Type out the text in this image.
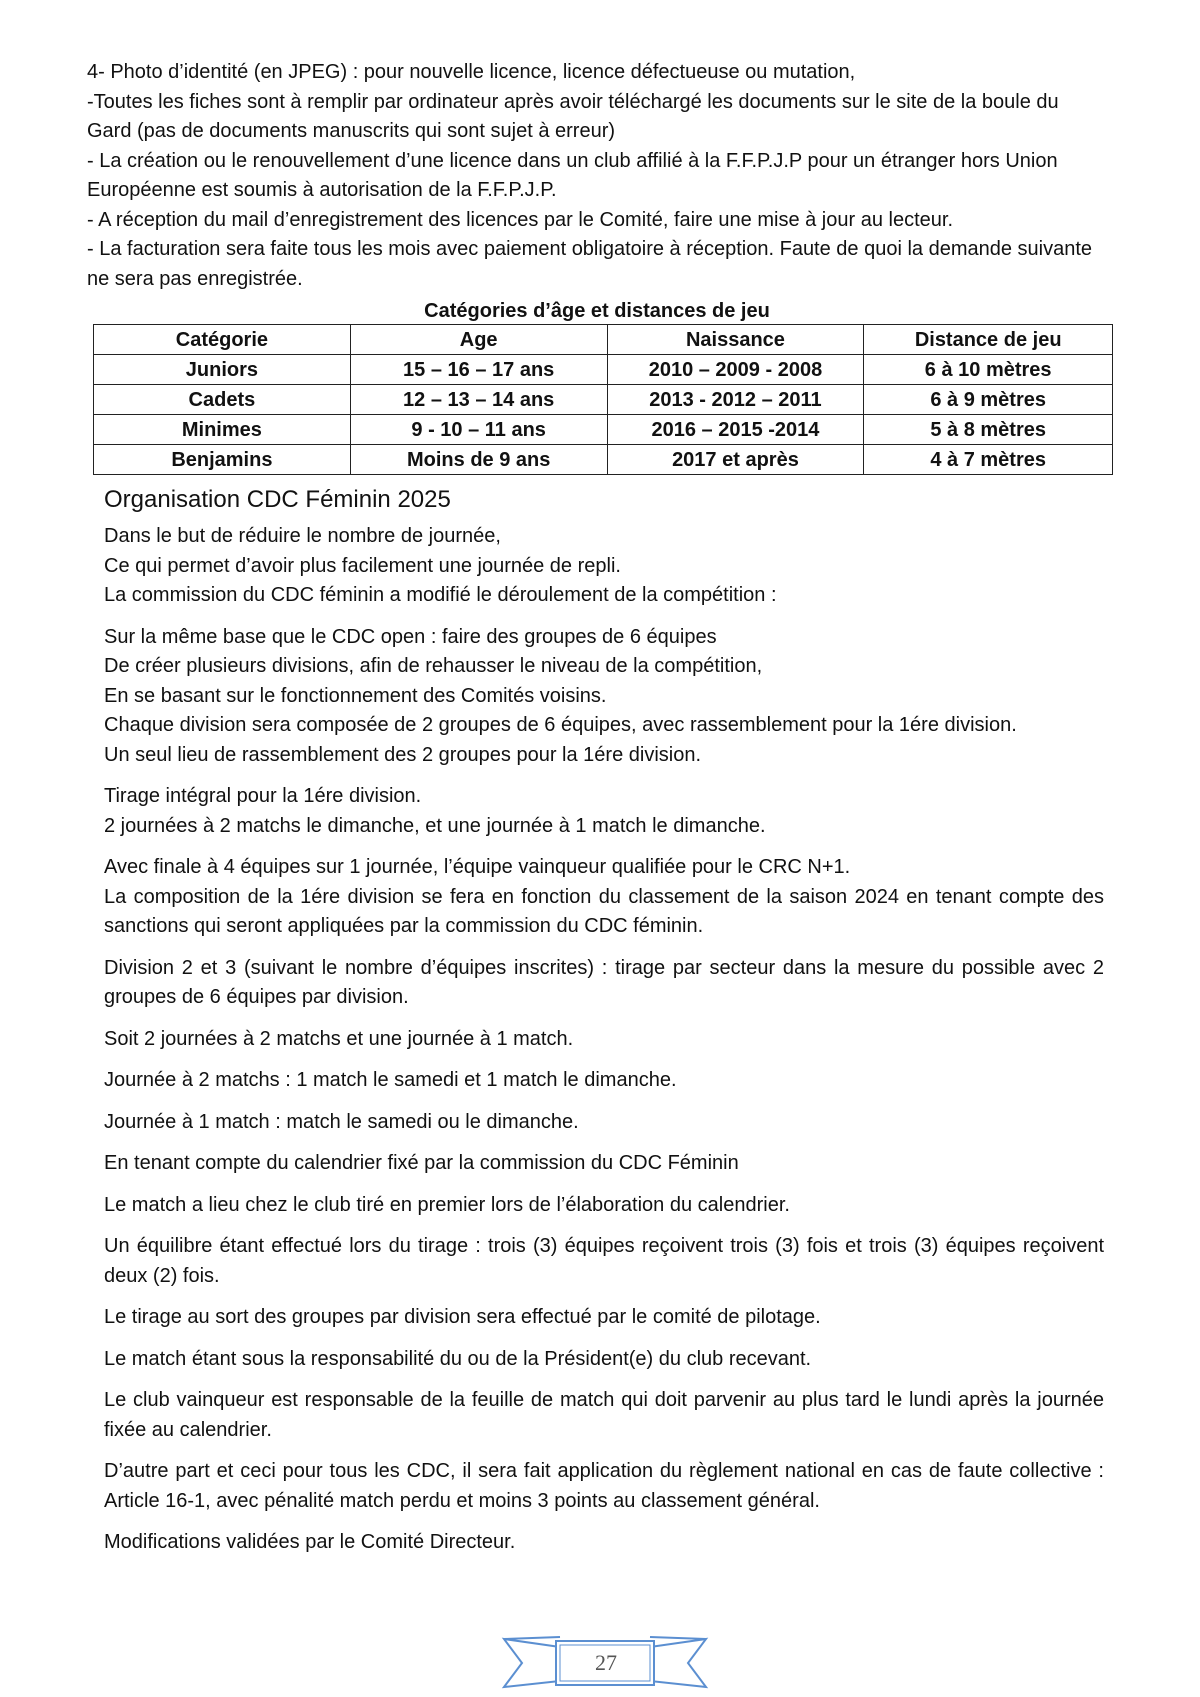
4- Photo d’identité (en JPEG) : pour nouvelle licence, licence défectueuse ou mutation,

-Toutes les fiches sont à remplir par ordinateur après avoir téléchargé les documents sur le site de la boule du Gard (pas de documents manuscrits qui sont sujet à erreur)

- La création ou le renouvellement d’une licence dans un club affilié à la F.F.P.J.P pour un étranger hors Union Européenne est soumis à autorisation de la F.F.P.J.P.

- A réception du mail d’enregistrement des licences par le Comité, faire une mise à jour au lecteur.

- La facturation sera faite tous les mois avec paiement obligatoire à réception. Faute de quoi la demande suivante ne sera pas enregistrée.

Catégories d’âge et distances de jeu
Catégorie	Age	Naissance	Distance de jeu
Juniors	15 – 16 – 17 ans	2010 – 2009 - 2008	6 à 10 mètres
Cadets	12 – 13 – 14 ans	2013 - 2012 – 2011	6 à 9 mètres
Minimes	9 - 10 – 11 ans	2016 – 2015 -2014	5 à 8 mètres
Benjamins	Moins de 9 ans	2017 et après	4 à 7 mètres
Organisation CDC Féminin 2025

Dans le but de réduire le nombre de journée,

Ce qui permet d’avoir plus facilement une journée de repli.

La commission du CDC féminin a modifié le déroulement de la compétition :

Sur la même base que le CDC open : faire des groupes de 6 équipes

De créer plusieurs divisions, afin de rehausser le niveau de la compétition,

En se basant sur le fonctionnement des Comités voisins.

Chaque division sera composée de 2 groupes de 6 équipes, avec rassemblement pour la 1ére division.

Un seul lieu de rassemblement des 2 groupes pour la 1ére division.

Tirage intégral pour la 1ére division.

2 journées à 2 matchs le dimanche, et une journée à 1 match le dimanche.

Avec finale à 4 équipes sur 1 journée, l’équipe vainqueur qualifiée pour le CRC N+1.

La composition de la 1ére division se fera en fonction du classement de la saison 2024 en tenant compte des sanctions qui seront appliquées par la commission du CDC féminin.

Division 2 et 3 (suivant le nombre d’équipes inscrites) : tirage par secteur dans la mesure du possible avec 2 groupes de 6 équipes par division.

Soit 2 journées à 2 matchs et une journée à 1 match.

Journée à 2 matchs : 1 match le samedi et 1 match le dimanche.

Journée à 1 match : match le samedi ou le dimanche.

En tenant compte du calendrier fixé par la commission du CDC Féminin

Le match a lieu chez le club tiré en premier lors de l’élaboration du calendrier.

Un équilibre étant effectué lors du tirage : trois (3) équipes reçoivent trois (3) fois et trois (3) équipes reçoivent deux (2) fois.

Le tirage au sort des groupes par division sera effectué par le comité de pilotage.

Le match étant sous la responsabilité du ou de la Président(e) du club recevant.

Le club vainqueur est responsable de la feuille de match qui doit parvenir au plus tard le lundi après la journée fixée au calendrier.

D’autre part et ceci pour tous les CDC, il sera fait application du règlement national en cas de faute collective : Article 16-1, avec pénalité match perdu et moins 3 points au classement général.

Modifications validées par le Comité Directeur.

27
